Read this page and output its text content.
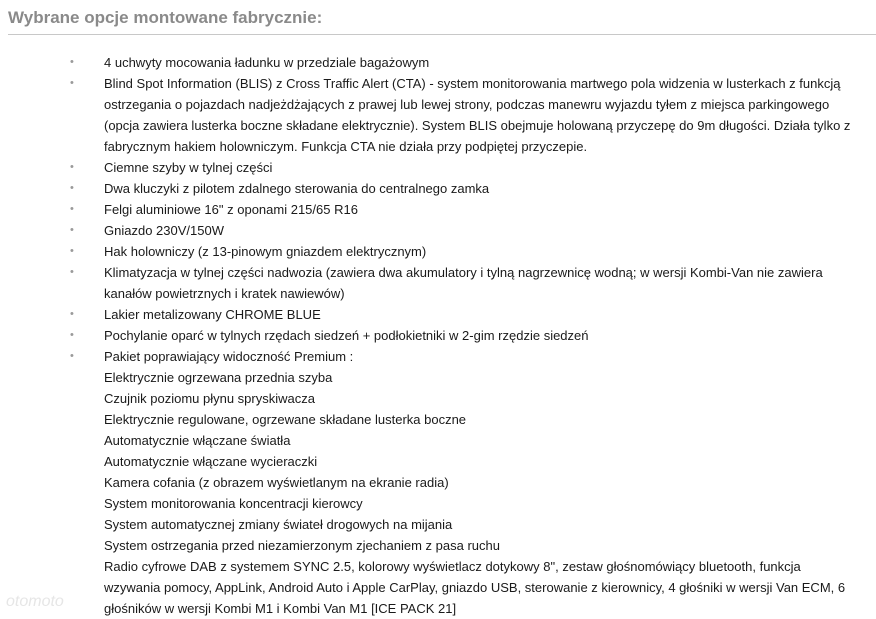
Wybrane opcje montowane fabrycznie:
• 4 uchwyty mocowania ładunku w przedziale bagażowym
• Blind Spot Information (BLIS) z Cross Traffic Alert (CTA) - system monitorowania martwego pola widzenia w lusterkach z funkcją ostrzegania o pojazdach nadjeżdżających z prawej lub lewej strony, podczas manewru wyjazdu tyłem z miejsca parkingowego (opcja zawiera lusterka boczne składane elektrycznie). System BLIS obejmuje holowaną przyczepę do 9m długości. Działa tylko z fabrycznym hakiem holowniczym. Funkcja CTA nie działa przy podpiętej przyczepie.
• Ciemne szyby w tylnej części
• Dwa kluczyki z pilotem zdalnego sterowania do centralnego zamka
• Felgi aluminiowe 16" z oponami 215/65 R16
• Gniazdo 230V/150W
• Hak holowniczy (z 13-pinowym gniazdem elektrycznym)
• Klimatyzacja w tylnej części nadwozia (zawiera dwa akumulatory i tylną nagrzewnicę wodną; w wersji Kombi-Van nie zawiera kanałów powietrznych i kratek nawiewów)
• Lakier metalizowany CHROME BLUE
• Pochylanie oparć w tylnych rzędach siedzeń + podłokietniki w 2-gim rzędzie siedzeń
• Pakiet poprawiający widoczność Premium :
Elektrycznie ogrzewana przednia szyba
Czujnik poziomu płynu spryskiwacza
Elektrycznie regulowane, ogrzewane składane lusterka boczne
Automatycznie włączane światła
Automatycznie włączane wycieraczki
Kamera cofania (z obrazem wyświetlanym na ekranie radia)
System monitorowania koncentracji kierowcy
System automatycznej zmiany świateł drogowych na mijania
System ostrzegania przed niezamierzonym zjechaniem z pasa ruchu
Radio cyfrowe DAB z systemem SYNC 2.5, kolorowy wyświetlacz dotykowy 8", zestaw głośnomówiący bluetooth, funkcja wzywania pomocy, AppLink, Android Auto i Apple CarPlay, gniazdo USB, sterowanie z kierownicy, 4 głośniki w wersji Van ECM, 6 głośników w wersji Kombi M1 i Kombi Van M1 [ICE PACK 21]
otomoto
